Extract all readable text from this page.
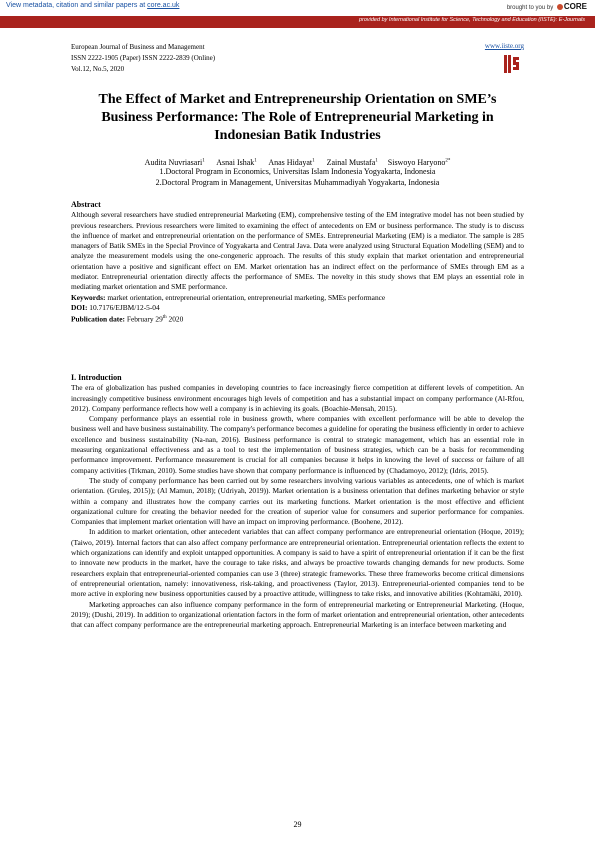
View metadata, citation and similar papers at core.ac.uk	brought to you by CORE
provided by International Institute for Science, Technology and Education (IISTE): E-Journals
European Journal of Business and Management
ISSN 2222-1905 (Paper) ISSN 2222-2839 (Online)
Vol.12, No.5, 2020
www.iiste.org
The Effect of Market and Entrepreneurship Orientation on SME’s Business Performance: The Role of Entrepreneurial Marketing in Indonesian Batik Industries
Audita Nuvriasari$^1$ Asnai Ishak$^1$ Anas Hidayat$^1$ Zainal Mustafa$^1$ Siswoyo Haryono$^{2*}$
1.Doctoral Program in Economics, Universitas Islam Indonesia Yogyakarta, Indonesia
2.Doctoral Program in Management, Universitas Muhammadiyah Yogyakarta, Indonesia

Abstract

Although several researchers have studied entrepreneurial Marketing (EM), comprehensive testing of the EM integrative model has not been studied by previous researchers. Previous researchers were limited to examining the effect of antecedents on EM or business performance. The study is to discuss the influence of market and entrepreneurial orientation on the performance of SMEs. Entrepreneurial Marketing (EM) is a mediator. The sample is 285 managers of Batik SMEs in the Special Province of Yogyakarta and Central Java. Data were analyzed using Structural Equation Modelling (SEM) and to analyze the measurement models using the one-congeneric approach. The results of this study explain that market orientation and entrepreneurial orientation have a positive and significant effect on EM. Market orientation has an indirect effect on the performance of SMEs through EM as a mediator. Entrepreneurial orientation directly affects the performance of SMEs. The novelty in this study shows that EM plays an essential role in mediating market orientation and SME performance.

Keywords: market orientation, entrepreneurial orientation, entrepreneurial marketing, SMEs performance

DOI: 10.7176/EJBM/12-5-04

Publication date: February 29th 2020

I. Introduction

The era of globalization has pushed companies in developing countries to face increasingly fierce competition at different levels of competition. An increasingly competitive business environment encourages high levels of competition and has a substantial impact on company performance (Al-Rfou, 2012). Company performance reflects how well a company is in achieving its goals. (Boachie-Mensah, 2015).

Company performance plays an essential role in business growth, where companies with excellent performance will be able to develop the business well and have business sustainability. The company's performance becomes a guideline for operating the business efficiently in order to achieve excellence and business sustainability (Na-nan, 2016). Business performance is central to strategic management, which has an essential role in measuring organizational effectiveness and as a tool to test the implementation of business strategies, which can be a basis for recommending performance improvement. Performance measurement is crucial for all companies because it helps in knowing the level of success or failure of all company activities (Trkman, 2010). Some studies have shown that company performance is influenced by (Chadamoyo, 2012); (Idris, 2015).

The study of company performance has been carried out by some researchers involving various variables as antecedents, one of which is market orientation. (Gruleş, 2015)); (Al Mamun, 2018); (Udriyah, 2019)). Market orientation is a business orientation that defines marketing behavior or style within a company and illustrates how the company carries out its marketing functions. Market orientation is the most effective and efficient organizational culture for creating the behavior needed for the creation of superior value for consumers and superior performance for companies. Companies that implement market orientation will have an impact on improving performance. (Boohene, 2012).

In addition to market orientation, other antecedent variables that can affect company performance are entrepreneurial orientation (Hoque, 2019); (Taiwo, 2019). Internal factors that can also affect company performance are entrepreneurial orientation. Entrepreneurial orientation reflects the extent to which organizations can identify and exploit untapped opportunities. A company is said to have a spirit of entrepreneurial orientation if it can be the first to innovate new products in the market, have the courage to take risks, and always be proactive towards changing demands for new products. Some researchers explain that entrepreneurial-oriented companies can use 3 (three) strategic frameworks. These three frameworks become critical dimensions of entrepreneurial orientation, namely: innovativeness, risk-taking, and proactiveness (Taylor, 2013). Entrepreneurial-oriented companies tend to be more active in exploring new business opportunities caused by a proactive attitude, willingness to take risks, and innovative abilities (Kohtamäki, 2010).

Marketing approaches can also influence company performance in the form of entrepreneurial marketing or Entrepreneurial Marketing. (Hoque, 2019); (Dushi, 2019). In addition to organizational orientation factors in the form of market orientation and entrepreneurial orientation, other antecedents that can affect company performance are the entrepreneurial marketing approach. Entrepreneurial Marketing is an interface between marketing and

29
